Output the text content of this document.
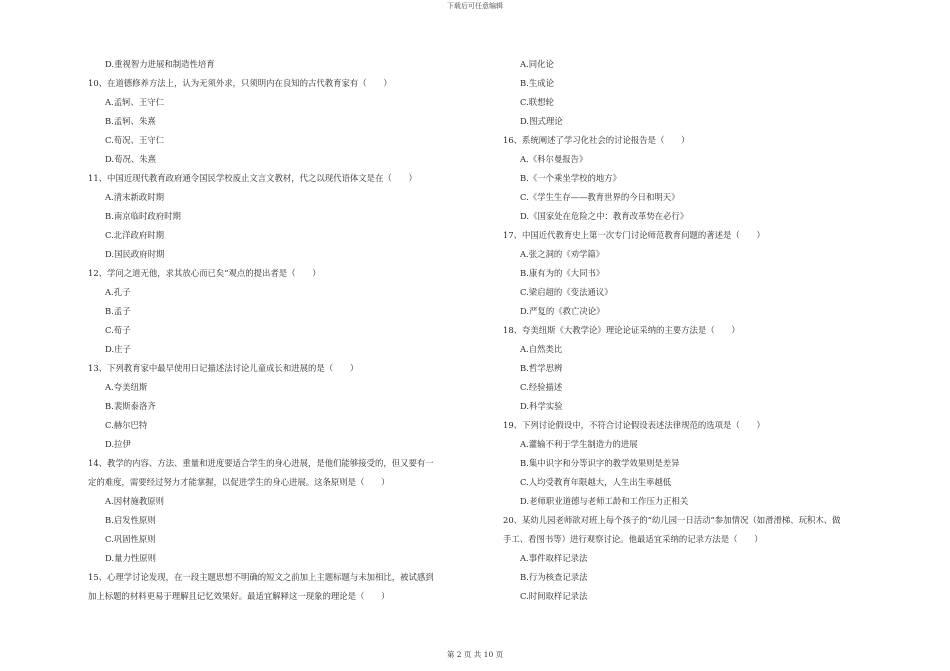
下载后可任意编辑
D.重视智力进展和制造性培育
10、在道德修养方法上，认为无须外求，只须明内在良知的古代教育家有（　　）
A.孟轲、王守仁
B.孟轲、朱熹
C.荀况、王守仁
D.荀况、朱熹
11、中国近现代教育政府通令国民学校废止文言文教材，代之以现代语体文是在（　　）
A.清末新政时期
B.南京临时政府时期
C.北洋政府时期
D.国民政府时期
12、学问之道无他，求其放心而已矣”观点的提出者是（　　）
A.孔子
B.孟子
C.荀子
D.庄子
13、下列教育家中最早使用日记描述法讨论儿童成长和进展的是（　　）
A.夸美纽斯
B.裴斯泰洛齐
C.赫尔巴特
D.拉伊
14、教学的内容、方法、重量和进度要适合学生的身心进展，是他们能够接受的，但又要有一
定的难度，需要经过努力才能掌握，以促进学生的身心进展。这条原则是（　　）
A.因材施教原则
B.启发性原则
C.巩固性原则
D.量力性原则
15、心理学讨论发现，在一段主题思想不明确的短文之前加上主题标题与未加相比，被试感到
加上标题的材料更易于理解且记忆效果好。最适宜解释这一现象的理论是（　　）
A.同化论
B.生成论
C.联想轮
D.图式理论
16、系统阐述了学习化社会的讨论报告是（　　）
A.《科尔曼报告》
B.《一个乘坐学校的地方》
C.《学生生存——教育世界的今日和明天》
D.《国家处在危险之中：教育改革势在必行》
17、中国近代教育史上第一次专门讨论师范教育问题的著述是（　　）
A.张之洞的《劝学篇》
B.康有为的《大同书》
C.梁启超的《变法通议》
D.严复的《救亡决论》
18、夸美纽斯《大教学论》理论论证采纳的主要方法是（　　）
A.自然类比
B.哲学思辨
C.经验描述
D.科学实验
19、下列讨论假设中，不符合讨论假设表述法律规范的选项是（　　）
A.灌输不利于学生制造力的进展
B.集中识字和分等识字的教学效果则是差异
C.人均受教育年限越大，人生出生率越低
D.老师职业道德与老师工龄和工作压力正相关
20、某幼儿园老师欲对班上每个孩子的“幼儿园一日活动”参加情况（如滑滑梯、玩积木、做
手工、看图书等）进行观察讨论。他最适宜采纳的记录方法是（　　）
A.事件取样记录法
B.行为核查记录法
C.时间取样记录法
第 2 页 共 10 页
